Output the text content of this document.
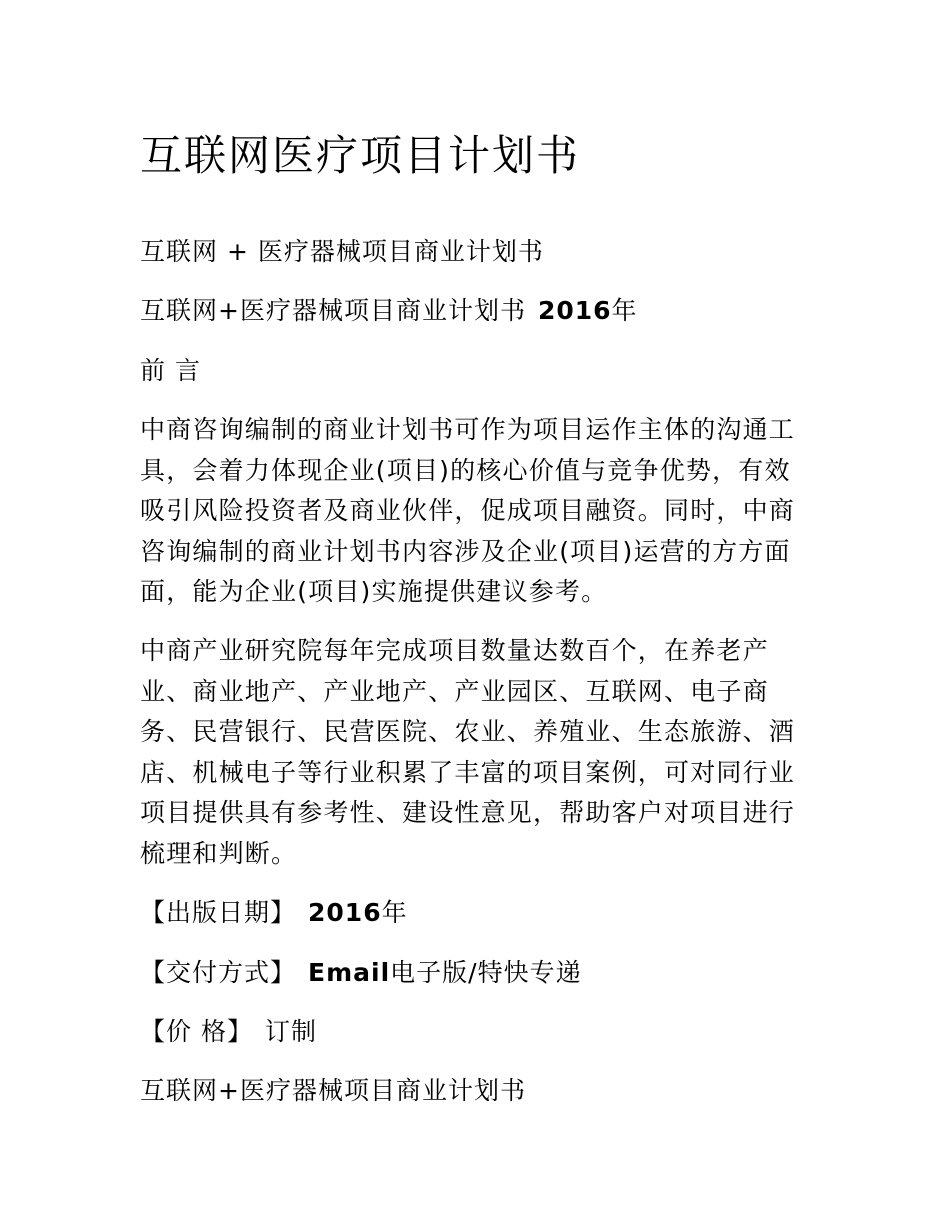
互联网医疗项目计划书
互联网 + 医疗器械项目商业计划书
互联网+医疗器械项目商业计划书 2016年
前 言

中商咨询编制的商业计划书可作为项目运作主体的沟通工具，会着力体现企业(项目)的核心价值与竞争优势，有效吸引风险投资者及商业伙伴，促成项目融资。同时，中商咨询编制的商业计划书内容涉及企业(项目)运营的方方面面，能为企业(项目)实施提供建议参考。

中商产业研究院每年完成项目数量达数百个，在养老产业、商业地产、产业地产、产业园区、互联网、电子商务、民营银行、民营医院、农业、养殖业、生态旅游、酒店、机械电子等行业积累了丰富的项目案例，可对同行业项目提供具有参考性、建设性意见，帮助客户对项目进行梳理和判断。

【出版日期】 2016年
【交付方式】 Email电子版/特快专递
【价 格】 订制
互联网+医疗器械项目商业计划书
